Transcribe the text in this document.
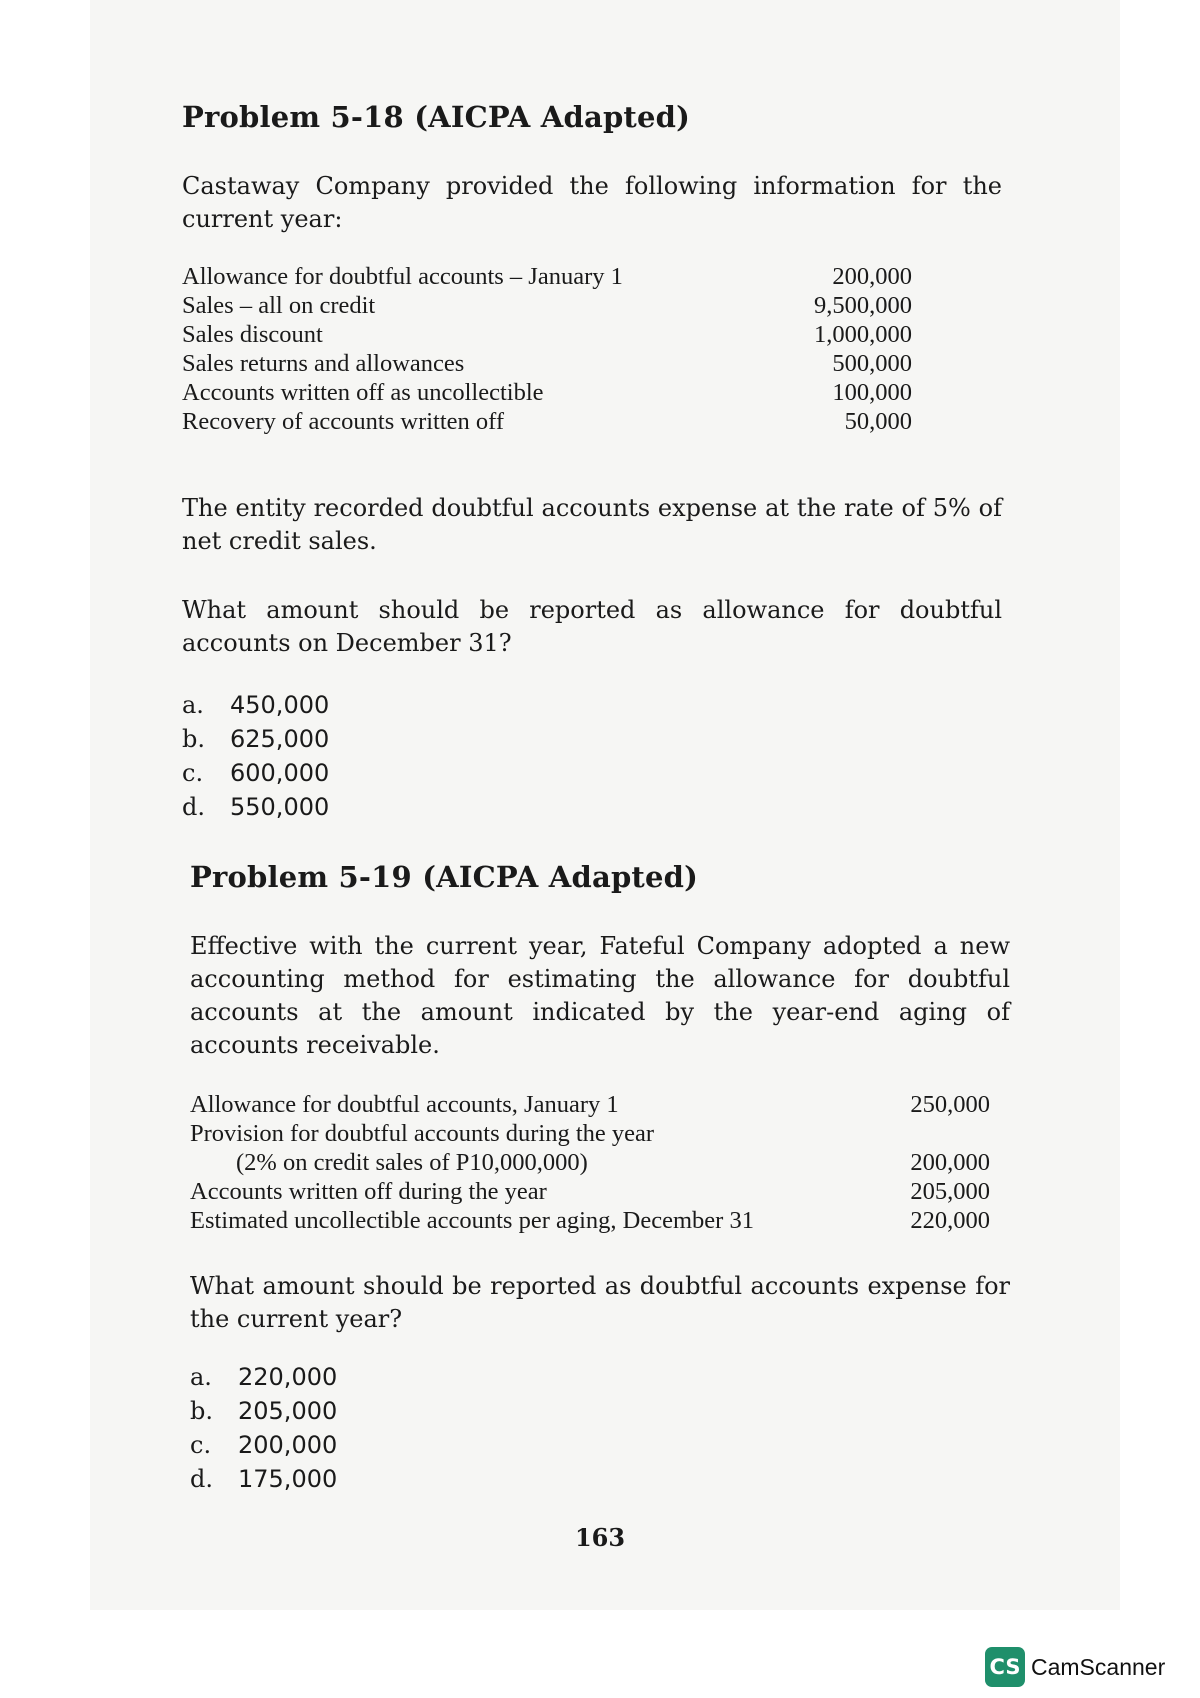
Problem 5-18 (AICPA Adapted)

Castaway Company provided the following information for the current year:

Allowance for doubtful accounts – January 1	200,000
Sales – all on credit	9,500,000
Sales discount	1,000,000
Sales returns and allowances	500,000
Accounts written off as uncollectible	100,000
Recovery of accounts written off	50,000

The entity recorded doubtful accounts expense at the rate of 5% of net credit sales.

What amount should be reported as allowance for doubtful accounts on December 31?

a. 450,000
b. 625,000
c. 600,000
d. 550,000
Problem 5-19 (AICPA Adapted)

Effective with the current year, Fateful Company adopted a new accounting method for estimating the allowance for doubtful accounts at the amount indicated by the year-end aging of accounts receivable.

Allowance for doubtful accounts, January 1	250,000
Provision for doubtful accounts during the year	
(2% on credit sales of P10,000,000)	200,000
Accounts written off during the year	205,000
Estimated uncollectible accounts per aging, December 31	220,000

What amount should be reported as doubtful accounts expense for the current year?

a. 220,000
b. 205,000
c. 200,000
d. 175,000
163
CS CamScanner
